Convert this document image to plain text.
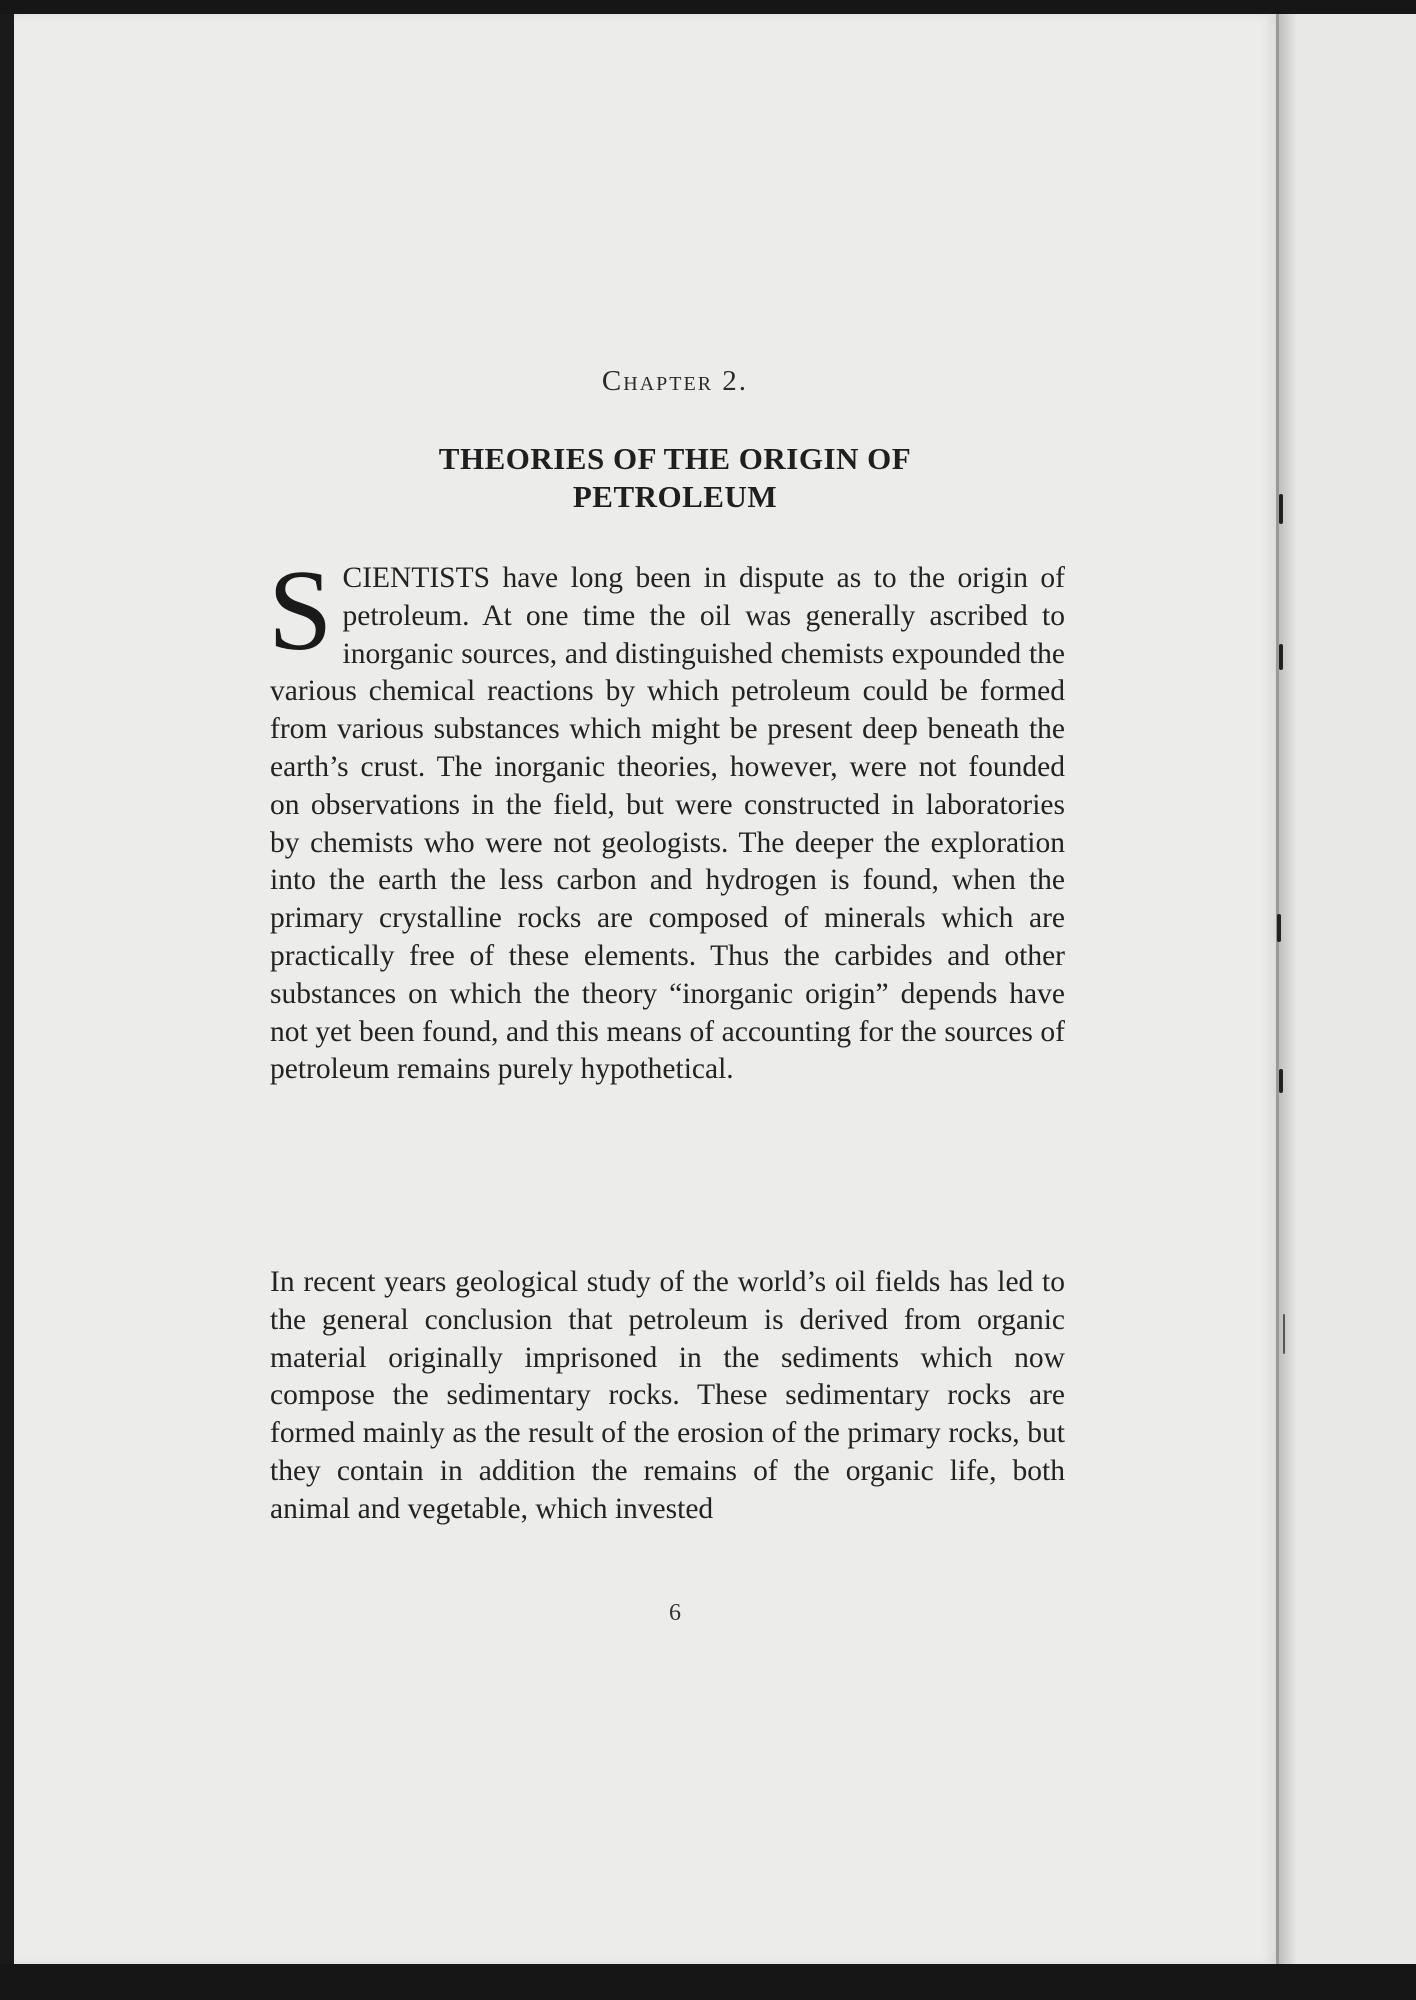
Chapter 2.
THEORIES OF THE ORIGIN OF PETROLEUM
SCIENTISTS have long been in dispute as to the origin of petroleum. At one time the oil was generally ascribed to inorganic sources, and distinguished chemists expounded the various chemical reactions by which petroleum could be formed from various substances which might be present deep beneath the earth’s crust. The inorganic theories, however, were not founded on observations in the field, but were constructed in laboratories by chemists who were not geologists. The deeper the exploration into the earth the less carbon and hydrogen is found, when the primary crystalline rocks are composed of minerals which are practically free of these elements. Thus the carbides and other substances on which the theory “inorganic origin” depends have not yet been found, and this means of accounting for the sources of petroleum remains purely hypothetical.
In recent years geological study of the world’s oil fields has led to the general conclusion that petroleum is derived from organic material originally imprisoned in the sediments which now compose the sedimentary rocks. These sedimentary rocks are formed mainly as the result of the erosion of the primary rocks, but they contain in addition the remains of the organic life, both animal and vegetable, which invested
6
